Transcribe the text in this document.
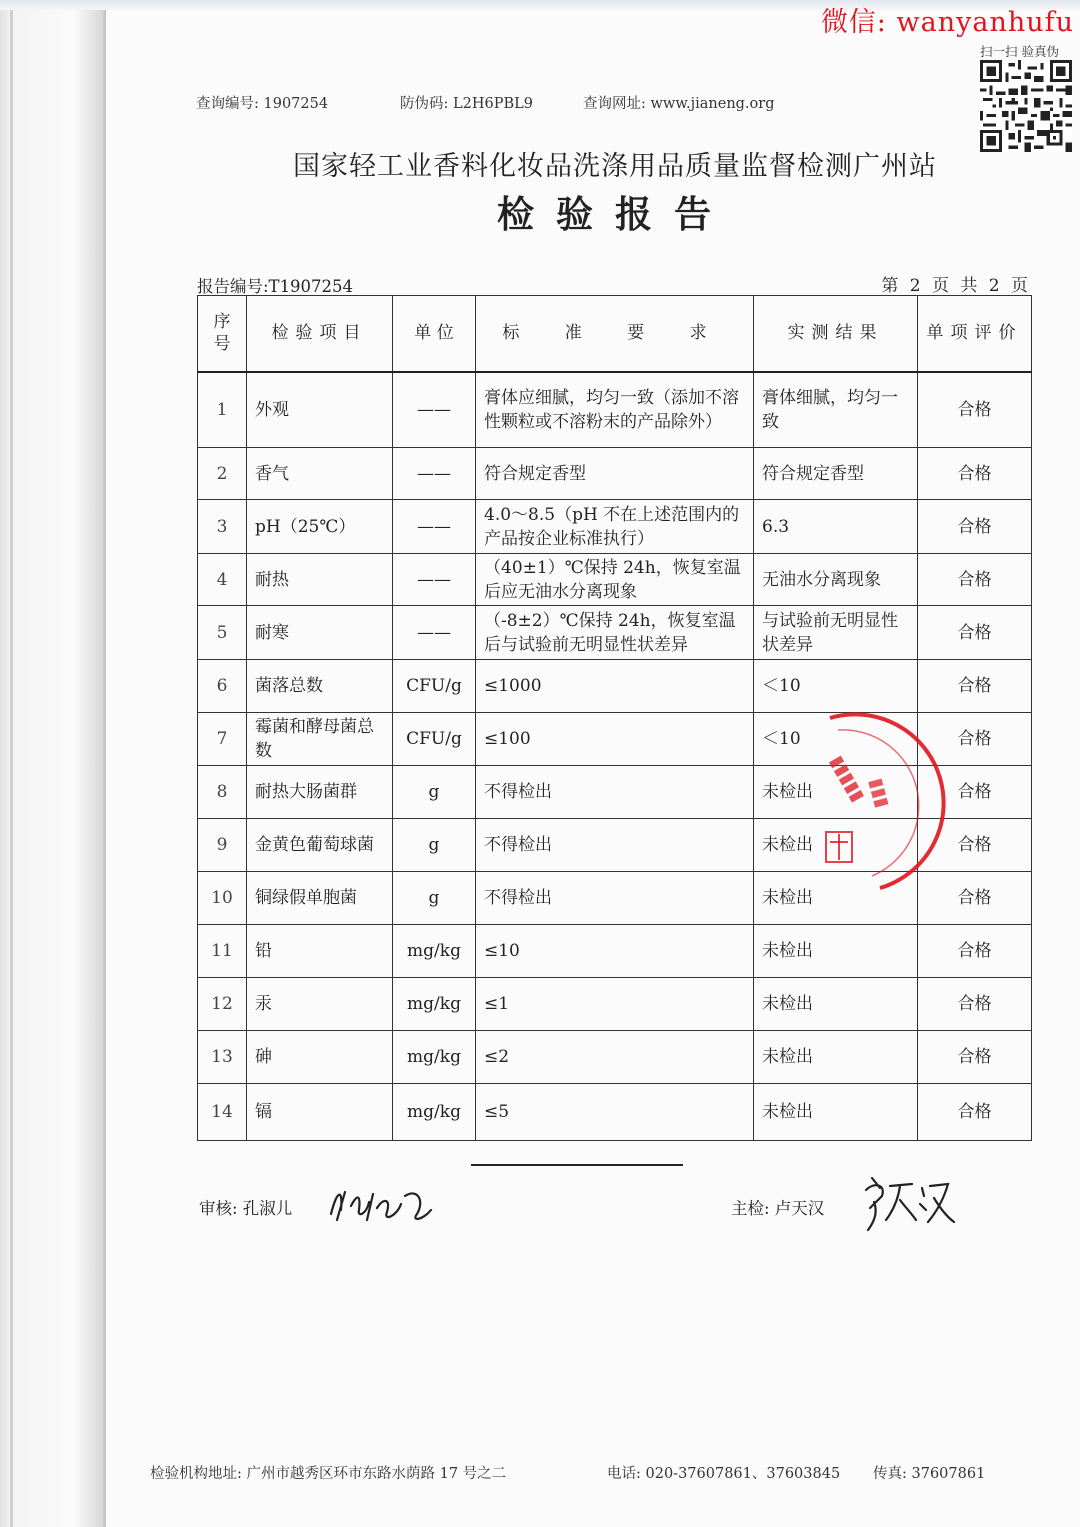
微信: wanyanhufu
查询编号: 1907254	防伪码: L2H6PBL9	查询网址: www.jianeng.org
扫一扫 验真伪
国家轻工业香料化妆品洗涤用品质量监督检测广州站
检验报告
报告编号:T1907254	第 2 页 共 2 页
序号	检验项目	单 位	标 准 要 求	实测结果	单项评价
1	外观	——	膏体应细腻，均匀一致（添加不溶性颗粒或不溶粉末的产品除外）	膏体细腻，均匀一致	合格
2	香气	——	符合规定香型	符合规定香型	合格
3	pH（25℃）	——	4.0～8.5（pH 不在上述范围内的产品按企业标准执行）	6.3	合格
4	耐热	——	（40±1）℃保持 24h，恢复室温后应无油水分离现象	无油水分离现象	合格
5	耐寒	——	（-8±2）℃保持 24h，恢复室温后与试验前无明显性状差异	与试验前无明显性状差异	合格
6	菌落总数	CFU/g	≤1000	＜10	合格
7	霉菌和酵母菌总数	CFU/g	≤100	＜10	合格
8	耐热大肠菌群	g	不得检出	未检出	合格
9	金黄色葡萄球菌	g	不得检出	未检出	合格
10	铜绿假单胞菌	g	不得检出	未检出	合格
11	铅	mg/kg	≤10	未检出	合格
12	汞	mg/kg	≤1	未检出	合格
13	砷	mg/kg	≤2	未检出	合格
14	镉	mg/kg	≤5	未检出	合格
▮▮▮▮▮
▮▮▮
审核: 孔淑儿	主检: 卢天汉
检验机构地址: 广州市越秀区环市东路水荫路 17 号之二	电话: 020-37607861、37603845 传真: 37607861
